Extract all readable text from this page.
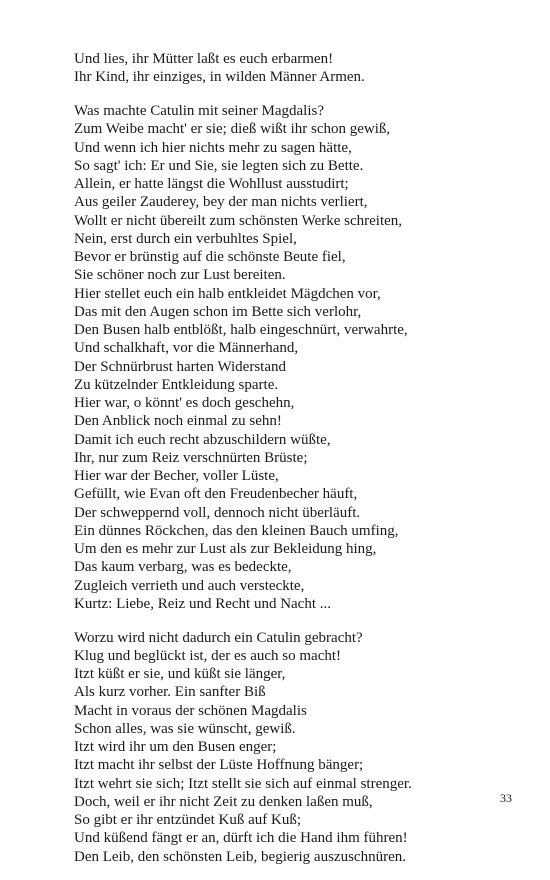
Und lies, ihr Mütter laßt es euch erbarmen!
Ihr Kind, ihr einziges, in wilden Männer Armen.
Was machte Catulin mit seiner Magdalis?
Zum Weibe macht' er sie; dieß wißt ihr schon gewiß,
Und wenn ich hier nichts mehr zu sagen hätte,
So sagt' ich: Er und Sie, sie legten sich zu Bette.
Allein, er hatte längst die Wohllust ausstudirt;
Aus geiler Zauderey, bey der man nichts verliert,
Wollt er nicht übereilt zum schönsten Werke schreiten,
Nein, erst durch ein verbuhltes Spiel,
Bevor er brünstig auf die schönste Beute fiel,
Sie schöner noch zur Lust bereiten.
Hier stellet euch ein halb entkleidet Mägdchen vor,
Das mit den Augen schon im Bette sich verlohr,
Den Busen halb entblößt, halb eingeschnürt, verwahrte,
Und schalkhaft, vor die Männerhand,
Der Schnürbrust harten Widerstand
Zu kützelnder Entkleidung sparte.
Hier war, o könnt' es doch geschehn,
Den Anblick noch einmal zu sehn!
Damit ich euch recht abzuschildern wüßte,
Ihr, nur zum Reiz verschnürten Brüste;
Hier war der Becher, voller Lüste,
Gefüllt, wie Evan oft den Freudenbecher häuft,
Der schweppernd voll, dennoch nicht überläuft.
Ein dünnes Röckchen, das den kleinen Bauch umfing,
Um den es mehr zur Lust als zur Bekleidung hing,
Das kaum verbarg, was es bedeckte,
Zugleich verrieth und auch versteckte,
Kurtz: Liebe, Reiz und Recht und Nacht ...
Worzu wird nicht dadurch ein Catulin gebracht?
Klug und beglückt ist, der es auch so macht!
Itzt küßt er sie, und küßt sie länger,
Als kurz vorher. Ein sanfter Biß
Macht in voraus der schönen Magdalis
Schon alles, was sie wünscht, gewiß.
Itzt wird ihr um den Busen enger;
Itzt macht ihr selbst der Lüste Hoffnung bänger;
Itzt wehrt sie sich; Itzt stellt sie sich auf einmal strenger.
Doch, weil er ihr nicht Zeit zu denken laßen muß,
So gibt er ihr entzündet Kuß auf Kuß;
Und küßend fängt er an, dürft ich die Hand ihm führen!
Den Leib, den schönsten Leib, begierig auszuschnüren.
33
